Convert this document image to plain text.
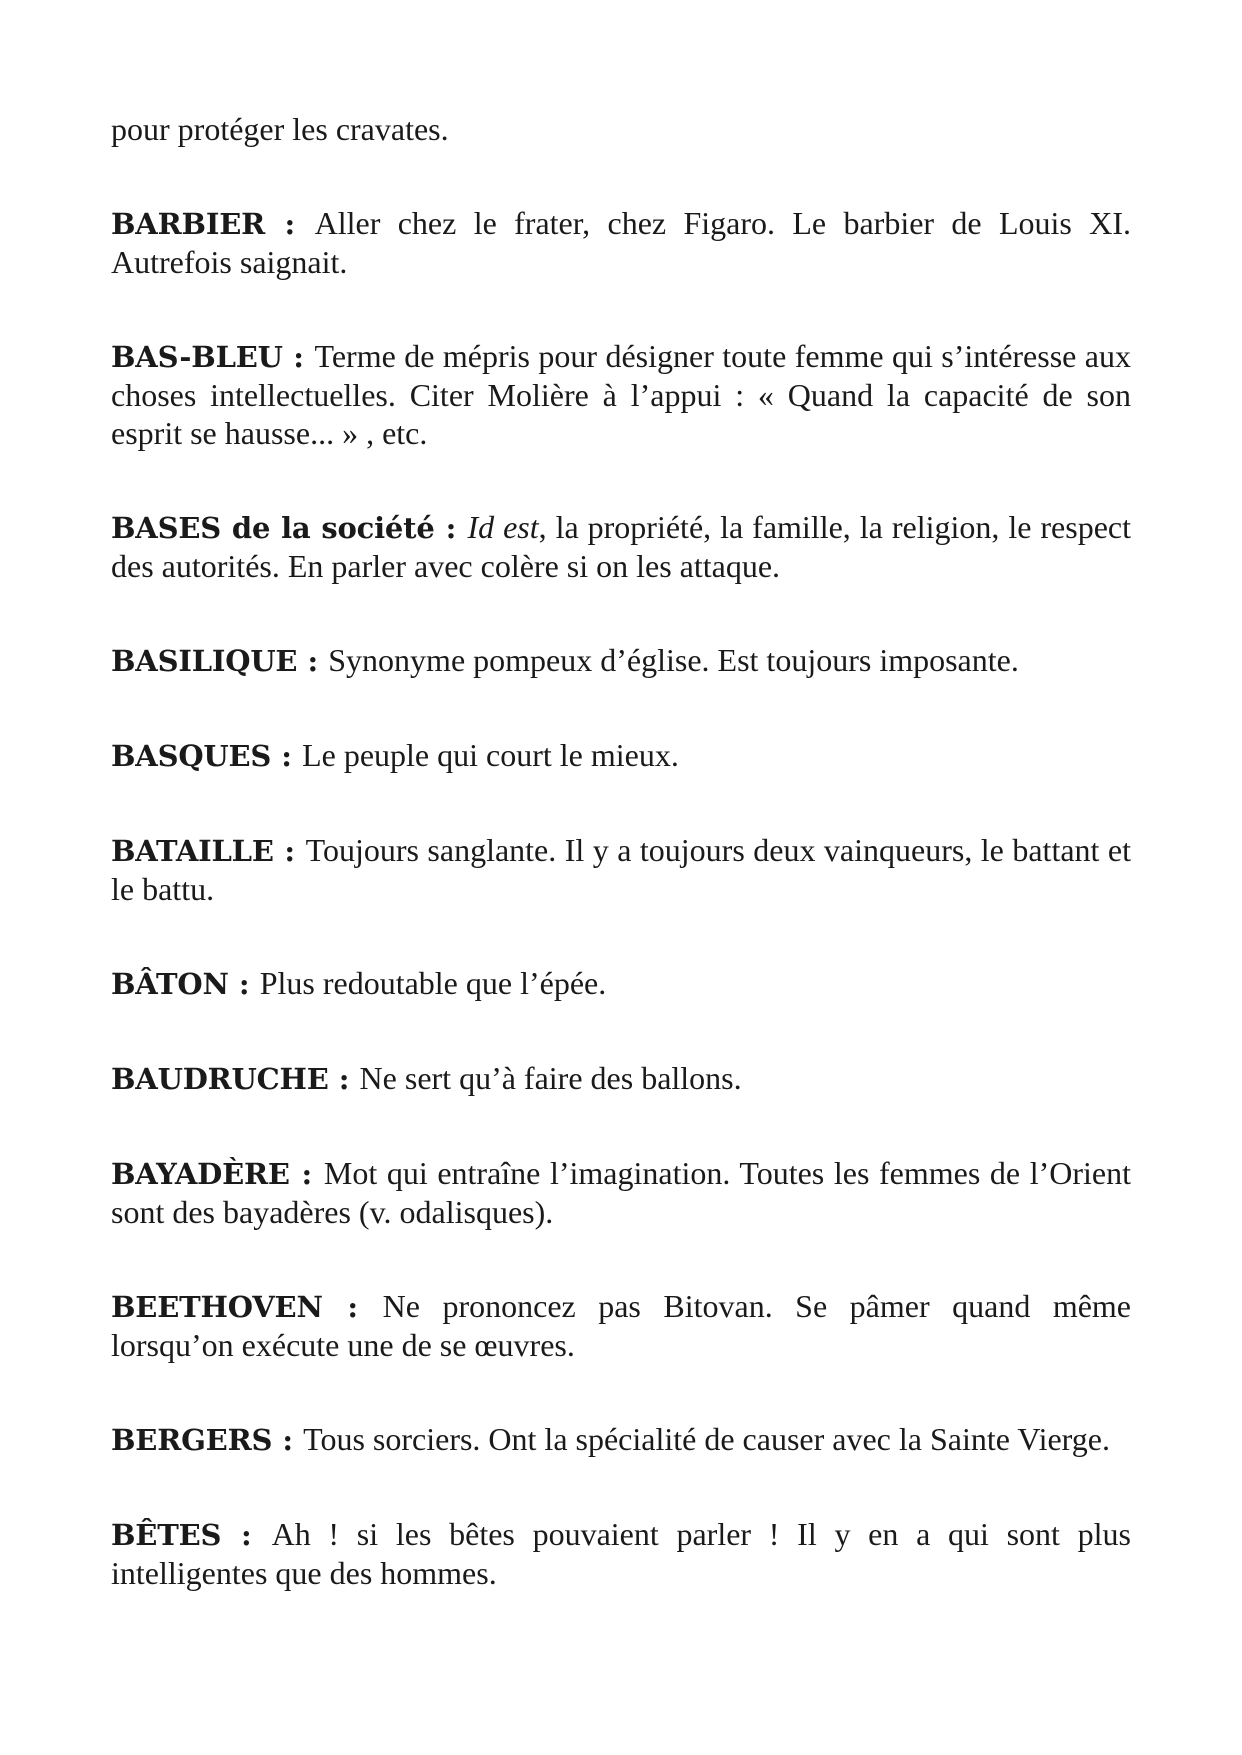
pour protéger les cravates.

BARBIER : Aller chez le frater, chez Figaro. Le barbier de Louis XI. Autrefois saignait.

BAS-BLEU : Terme de mépris pour désigner toute femme qui s’intéresse aux choses intellectuelles. Citer Molière à l’appui : « Quand la capacité de son esprit se hausse... » , etc.

BASES de la société : Id est, la propriété, la famille, la religion, le respect des autorités. En parler avec colère si on les attaque.

BASILIQUE : Synonyme pompeux d’église. Est toujours imposante.

BASQUES : Le peuple qui court le mieux.

BATAILLE : Toujours sanglante. Il y a toujours deux vainqueurs, le battant et le battu.

BÂTON : Plus redoutable que l’épée.

BAUDRUCHE : Ne sert qu’à faire des ballons.

BAYADÈRE : Mot qui entraîne l’imagination. Toutes les femmes de l’Orient sont des bayadères (v. odalisques).

BEETHOVEN : Ne prononcez pas Bitovan. Se pâmer quand même lorsqu’on exécute une de se œuvres.

BERGERS : Tous sorciers. Ont la spécialité de causer avec la Sainte Vierge.

BÊTES : Ah ! si les bêtes pouvaient parler ! Il y en a qui sont plus intelligentes que des hommes.
